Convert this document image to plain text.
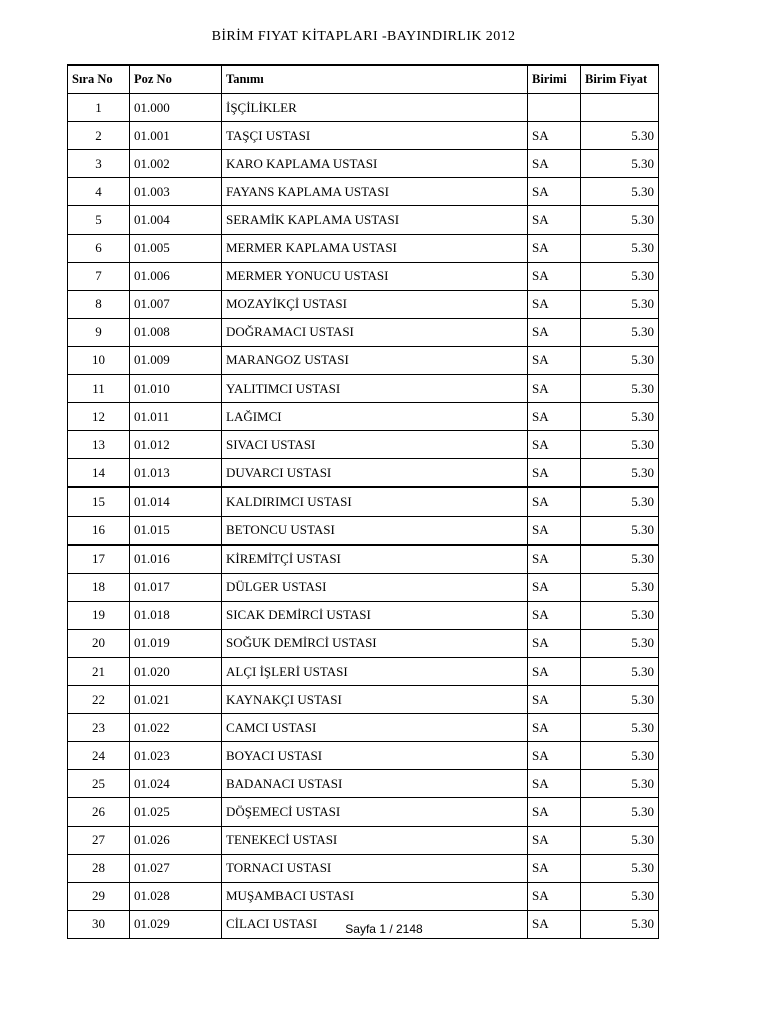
BİRİM FIYAT KİTAPLARI -BAYINDIRLIK 2012
Sıra No	Poz No	Tanımı	Birimi	Birim Fiyat
1	01.000	İŞÇİLİKLER		
2	01.001	TAŞÇI USTASI	SA	5.30
3	01.002	KARO KAPLAMA USTASI	SA	5.30
4	01.003	FAYANS KAPLAMA USTASI	SA	5.30
5	01.004	SERAMİK KAPLAMA USTASI	SA	5.30
6	01.005	MERMER KAPLAMA USTASI	SA	5.30
7	01.006	MERMER YONUCU USTASI	SA	5.30
8	01.007	MOZAYİKÇİ USTASI	SA	5.30
9	01.008	DOĞRAMACI USTASI	SA	5.30
10	01.009	MARANGOZ USTASI	SA	5.30
11	01.010	YALITIMCI USTASI	SA	5.30
12	01.011	LAĞIMCI	SA	5.30
13	01.012	SIVACI USTASI	SA	5.30
14	01.013	DUVARCI USTASI	SA	5.30
15	01.014	KALDIRIMCI USTASI	SA	5.30
16	01.015	BETONCU USTASI	SA	5.30
17	01.016	KİREMİTÇİ USTASI	SA	5.30
18	01.017	DÜLGER USTASI	SA	5.30
19	01.018	SICAK DEMİRCİ USTASI	SA	5.30
20	01.019	SOĞUK DEMİRCİ USTASI	SA	5.30
21	01.020	ALÇI İŞLERİ USTASI	SA	5.30
22	01.021	KAYNAKÇI USTASI	SA	5.30
23	01.022	CAMCI USTASI	SA	5.30
24	01.023	BOYACI USTASI	SA	5.30
25	01.024	BADANACI USTASI	SA	5.30
26	01.025	DÖŞEMECİ USTASI	SA	5.30
27	01.026	TENEKECİ USTASI	SA	5.30
28	01.027	TORNACI USTASI	SA	5.30
29	01.028	MUŞAMBACI USTASI	SA	5.30
30	01.029	CİLACI USTASI	SA	5.30
Sayfa 1 / 2148
